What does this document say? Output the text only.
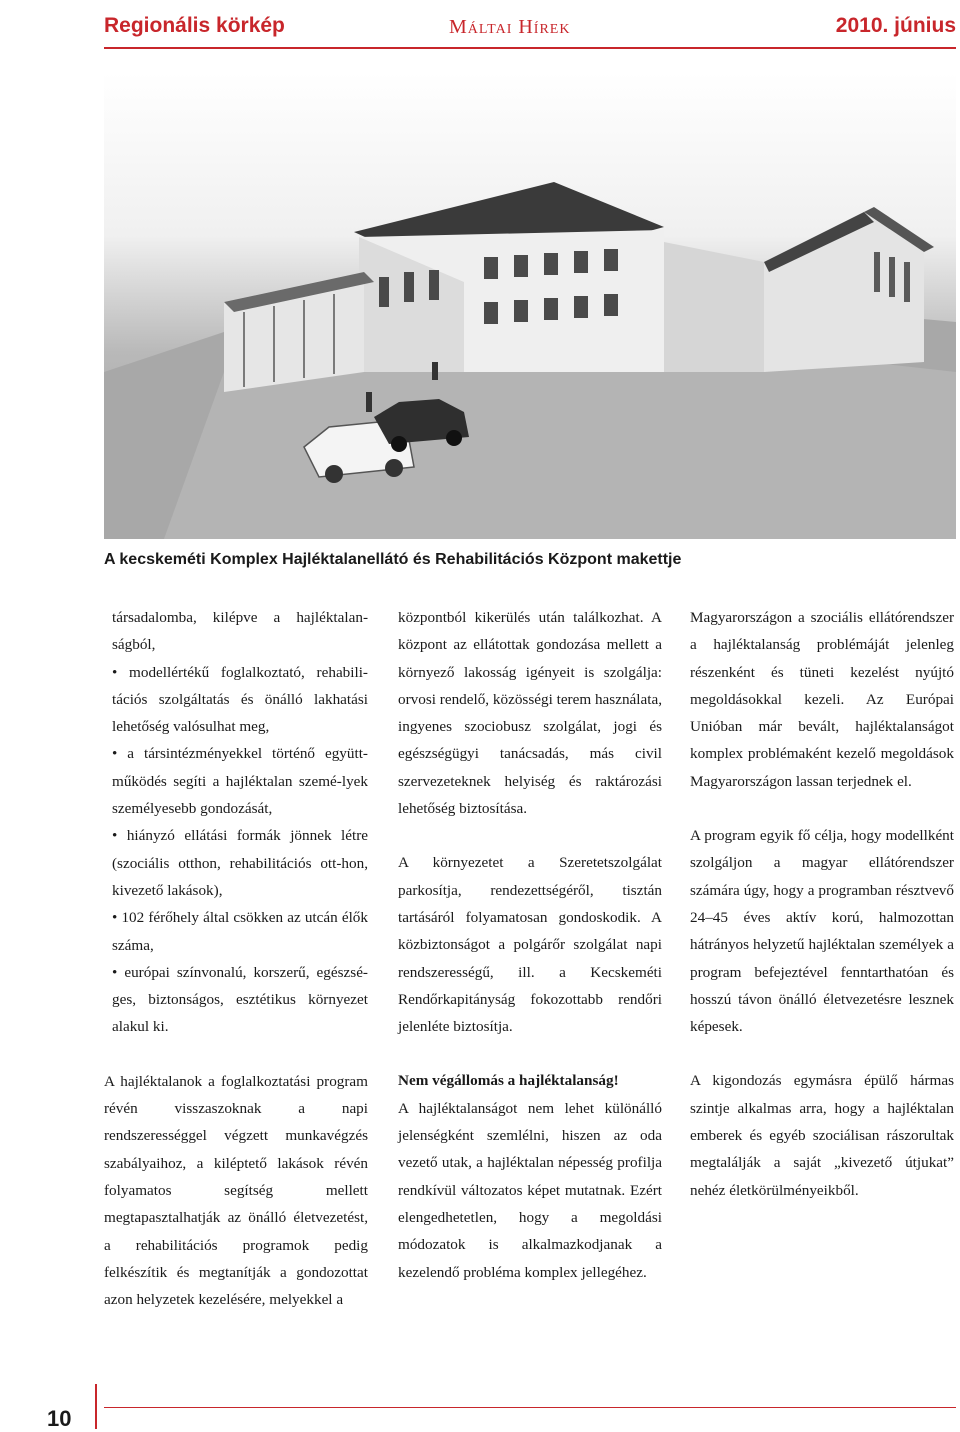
Regionális körkép	Máltai Hírek	2010. június
A kecskeméti Komplex Hajléktalanellátó és Rehabilitációs Központ makettje

társadalomba, kilépve a hajléktalan-ságból,

• modellértékű foglalkoztató, rehabili-tációs szolgáltatás és önálló lakhatási lehetőség valósulhat meg,

• a társintézményekkel történő együtt-működés segíti a hajléktalan szemé-lyek személyesebb gondozását,

• hiányzó ellátási formák jönnek létre (szociális otthon, rehabilitációs ott-hon, kivezető lakások),

• 102 férőhely által csökken az utcán élők száma,

• európai színvonalú, korszerű, egészsé-ges, biztonságos, esztétikus környezet alakul ki.

A hajléktalanok a foglalkoztatási program révén visszaszoknak a napi rendszerességgel végzett munkavégzés szabályaihoz, a kiléptető lakások révén folyamatos segítség mellett megtapasztalhatják az önálló életvezetést, a rehabilitációs programok pedig felkészítik és megtanítják a gondozottat azon helyzetek kezelésére, melyekkel a

központból kikerülés után találkozhat. A központ az ellátottak gondozása mellett a környező lakosság igényeit is szolgálja: orvosi rendelő, közösségi terem használata, ingyenes szociobusz szolgálat, jogi és egészségügyi tanácsadás, más civil szervezeteknek helyiség és raktározási lehetőség biztosítása.

A környezetet a Szeretetszolgálat parkosítja, rendezettségéről, tisztán tartásáról folyamatosan gondoskodik. A közbiztonságot a polgárőr szolgálat napi rendszerességű, ill. a Kecskeméti Rendőrkapitányság fokozottabb rendőri jelenléte biztosítja.

Nem végállomás a hajléktalanság!

A hajléktalanságot nem lehet különálló jelenségként szemlélni, hiszen az oda vezető utak, a hajléktalan népesség profilja rendkívül változatos képet mutatnak. Ezért elengedhetetlen, hogy a megoldási módozatok is alkalmazkodjanak a kezelendő probléma komplex jellegéhez.

Magyarországon a szociális ellátórendszer a hajléktalanság problémáját jelenleg részenként és tüneti kezelést nyújtó megoldásokkal kezeli. Az Európai Unióban már bevált, hajléktalanságot komplex problémaként kezelő megoldások Magyarországon lassan terjednek el.

A program egyik fő célja, hogy modellként szolgáljon a magyar ellátórendszer számára úgy, hogy a programban résztvevő 24–45 éves aktív korú, halmozottan hátrányos helyzetű hajléktalan személyek a program befejeztével fenntarthatóan és hosszú távon önálló életvezetésre lesznek képesek.

A kigondozás egymásra épülő hármas szintje alkalmas arra, hogy a hajléktalan emberek és egyéb szociálisan rászorultak megtalálják a saját „kivezető útjukat” nehéz életkörülményeikből.

10
